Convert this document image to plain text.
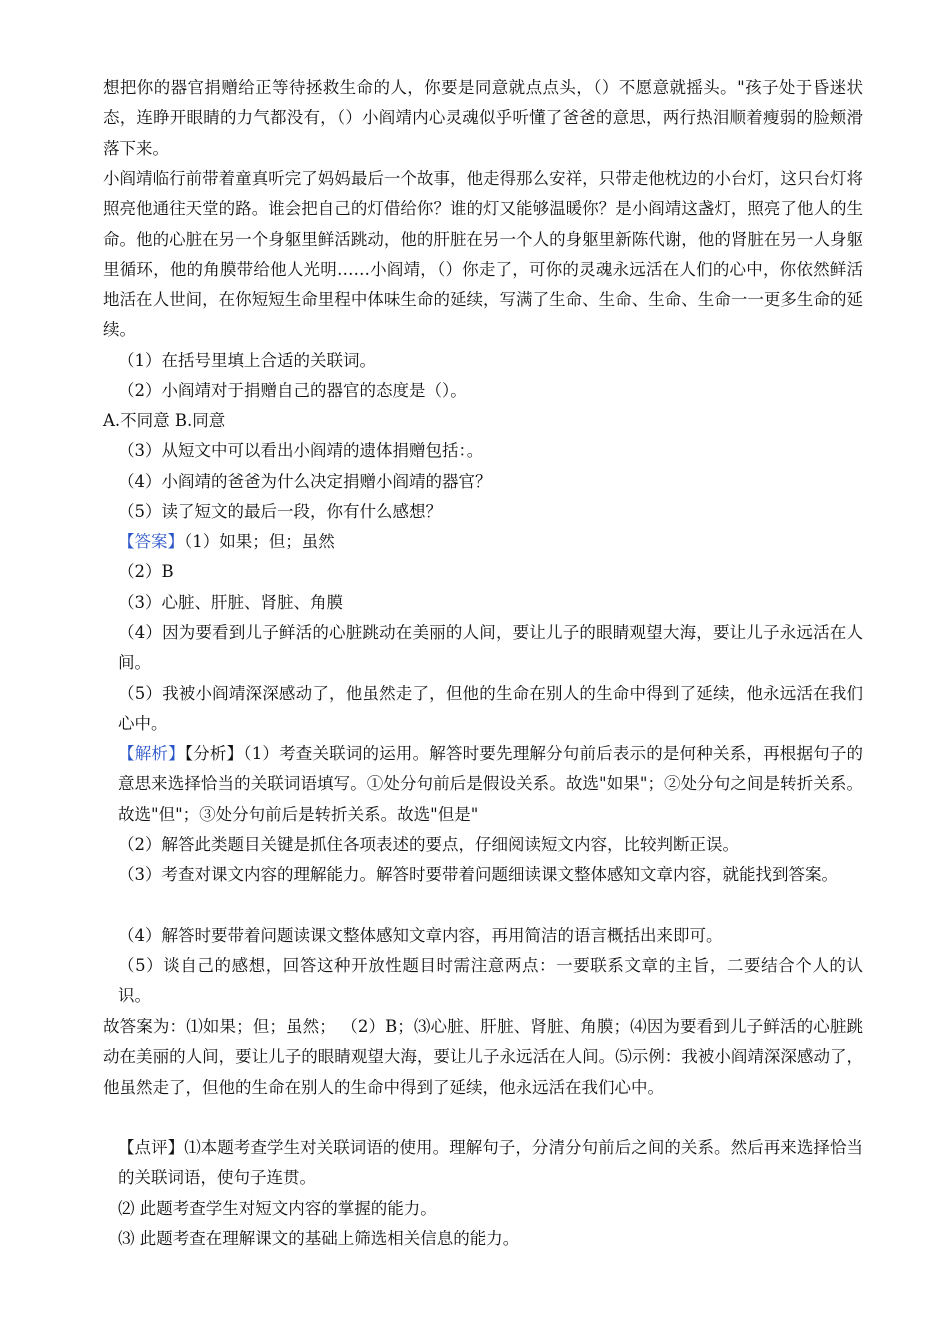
想把你的器官捐赠给正等待拯救生命的人，你要是同意就点点头，（）不愿意就摇头。"孩子处于昏迷状态，连睁开眼睛的力气都没有，（）小阎靖内心灵魂似乎听懂了爸爸的意思，两行热泪顺着瘦弱的脸颊滑落下来。

小阎靖临行前带着童真听完了妈妈最后一个故事，他走得那么安祥，只带走他枕边的小台灯，这只台灯将照亮他通往天堂的路。谁会把自己的灯借给你？谁的灯又能够温暖你？是小阎靖这盏灯，照亮了他人的生命。他的心脏在另一个身躯里鲜活跳动，他的肝脏在另一个人的身躯里新陈代谢，他的肾脏在另一人身躯里循环，他的角膜带给他人光明……小阎靖，（）你走了，可你的灵魂永远活在人们的心中，你依然鲜活地活在人世间，在你短短生命里程中体味生命的延续，写满了生命、生命、生命、生命一一更多生命的延续。

（1）在括号里填上合适的关联词。

（2）小阎靖对于捐赠自己的器官的态度是（）。

A.不同意 B.同意

（3）从短文中可以看出小阎靖的遗体捐赠包括：。

（4）小阎靖的爸爸为什么决定捐赠小阎靖的器官？

（5）读了短文的最后一段，你有什么感想？

【答案】（1）如果；但；虽然

（2）B

（3）心脏、肝脏、肾脏、角膜

（4）因为要看到儿子鲜活的心脏跳动在美丽的人间，要让儿子的眼睛观望大海，要让儿子永远活在人间。

（5）我被小阎靖深深感动了，他虽然走了，但他的生命在别人的生命中得到了延续，他永远活在我们心中。

【解析】【分析】（1）考查关联词的运用。解答时要先理解分句前后表示的是何种关系，再根据句子的意思来选择恰当的关联词语填写。①处分句前后是假设关系。故选"如果"；②处分句之间是转折关系。故选"但"；③处分句前后是转折关系。故选"但是"

（2）解答此类题目关键是抓住各项表述的要点，仔细阅读短文内容，比较判断正误。

（3）考查对课文内容的理解能力。解答时要带着问题细读课文整体感知文章内容，就能找到答案。

（4）解答时要带着问题读课文整体感知文章内容，再用简洁的语言概括出来即可。

（5）谈自己的感想，回答这种开放性题目时需注意两点：一要联系文章的主旨，二要结合个人的认识。

故答案为：⑴如果；但；虽然； （2）B；⑶心脏、肝脏、肾脏、角膜；⑷因为要看到儿子鲜活的心脏跳动在美丽的人间，要让儿子的眼睛观望大海，要让儿子永远活在人间。⑸示例：我被小阎靖深深感动了，他虽然走了，但他的生命在别人的生命中得到了延续，他永远活在我们心中。

【点评】⑴本题考查学生对关联词语的使用。理解句子，分清分句前后之间的关系。然后再来选择恰当的关联词语，使句子连贯。

⑵ 此题考查学生对短文内容的掌握的能力。

⑶ 此题考查在理解课文的基础上筛选相关信息的能力。
